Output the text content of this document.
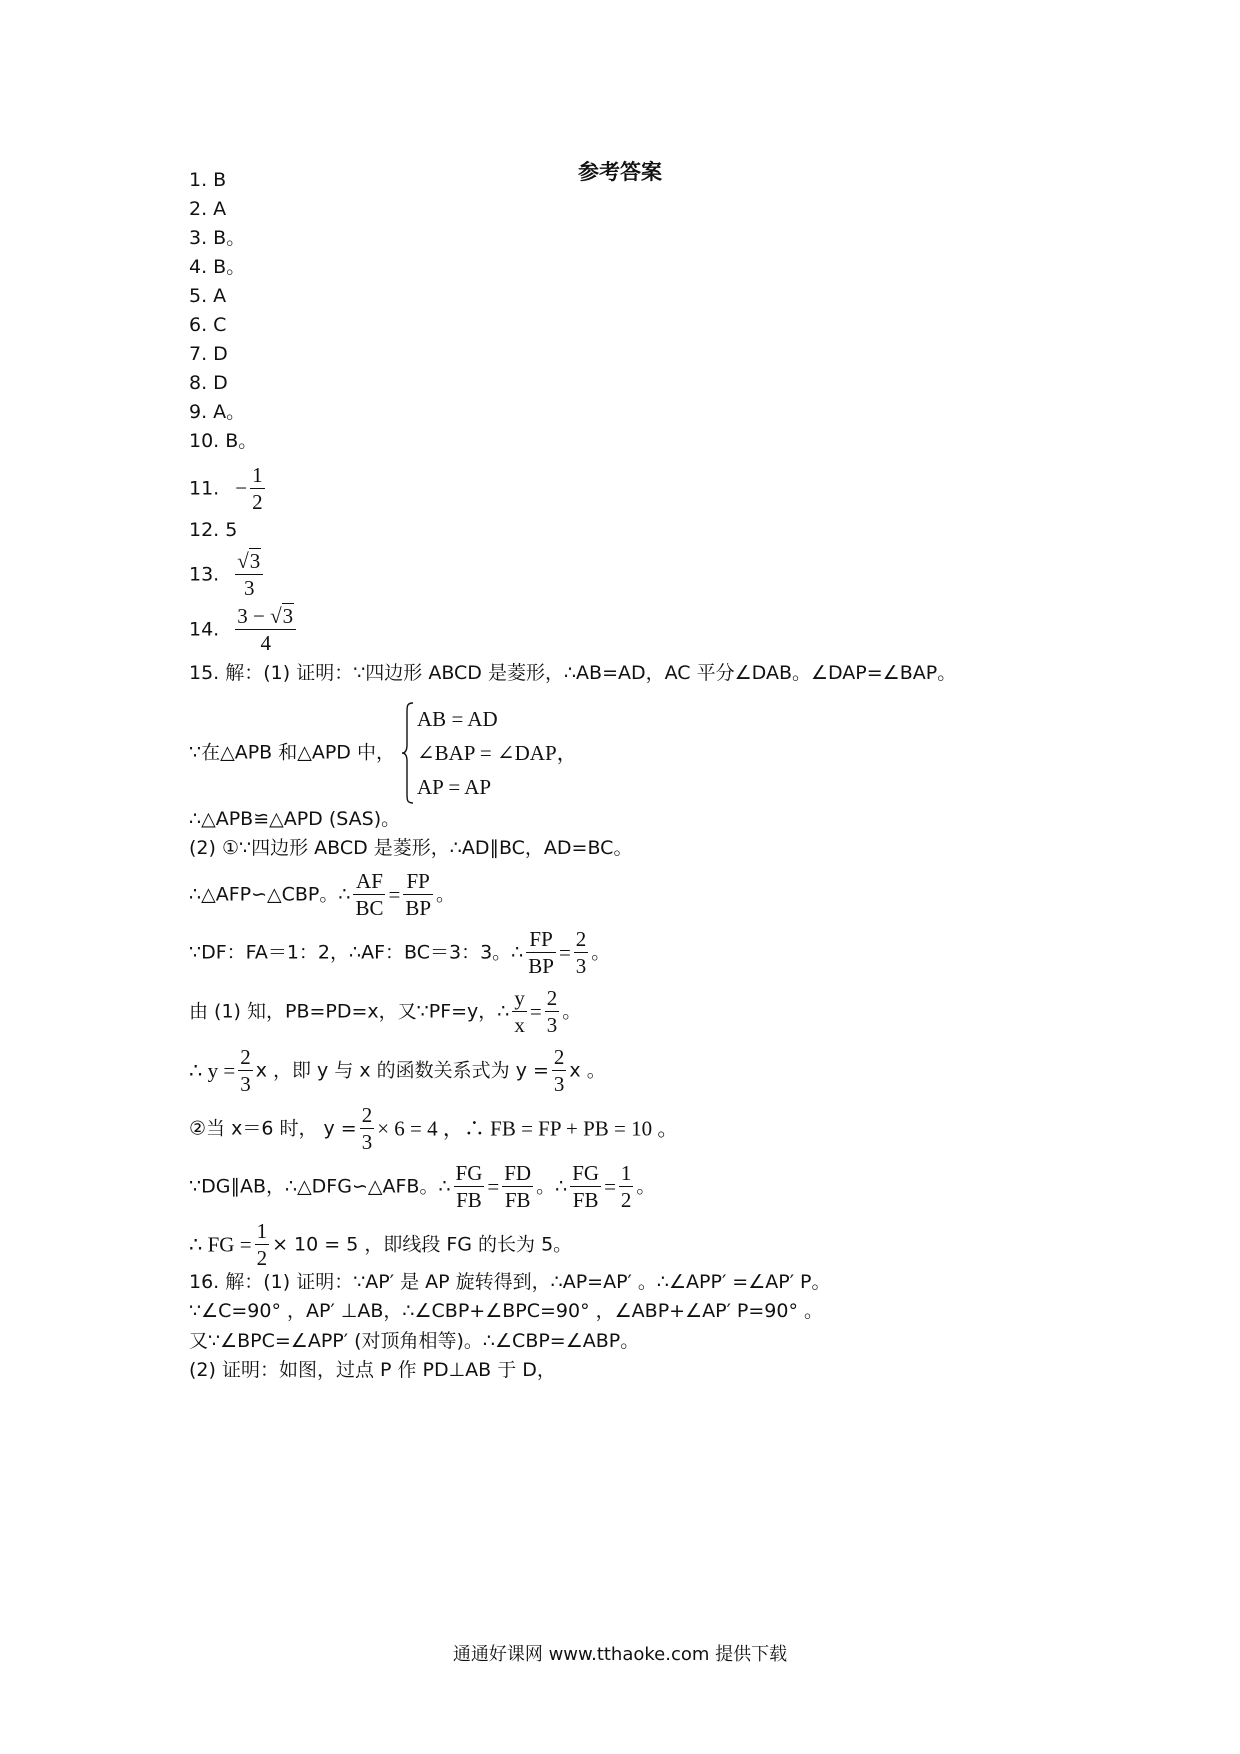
参考答案
1. B
2. A
3. B。
4. B。
5. A
6. C
7. D
8. D
9. A。
10. B。
11. − $\frac{1}{2}$
12. 5
13. $\frac{√3}{3}$
14. $\frac{3 - √3}{4}$
15. 解：(1) 证明：∵四边形 ABCD 是菱形，∴AB=AD，AC 平分∠DAB。∠DAP=∠BAP。
∵在△APB 和△APD 中，
AB = AD
∠BAP = ∠DAP，
AP = AP
∴△APB≌△APD (SAS)。
(2) ①∵四边形 ABCD 是菱形，∴AD∥BC，AD=BC。
∴△AFP∽△CBP。∴ $\frac{AF}{BC} = \frac{FP}{BP}$ 。
∵DF：FA＝1：2，∴AF：BC＝3：3。∴ $\frac{FP}{BP} = \frac{2}{3}$ 。
由 (1) 知，PB=PD=x，又∵PF=y，∴ $\frac{y}{x} = \frac{2}{3}$ 。
∴ $y = \frac{2}{3}$ x ，即 y 与 x 的函数关系式为 $y = \frac{2}{3}$ x 。
②当 x＝6 时， $y = \frac{2}{3} \times 6 = 4$ ，∴ FB = FP + PB = 10 。
∵DG∥AB，∴△DFG∽△AFB。∴ $\frac{FG}{FB} = \frac{FD}{FB}$ 。∴ $\frac{FG}{FB} = \frac{1}{2}$ 。
∴ FG = $\frac{1}{2} \times 10 = 5$ ，即线段 FG 的长为 5。
16. 解：(1) 证明：∵AP′ 是 AP 旋转得到，∴AP=AP′ 。∴∠APP′ =∠AP′ P。
∵∠C=90° ，AP′ ⊥AB，∴∠CBP+∠BPC=90° ，∠ABP+∠AP′ P=90° 。
又∵∠BPC=∠APP′ (对顶角相等)。∴∠CBP=∠ABP。
(2) 证明：如图，过点 P 作 PD⊥AB 于 D，
通通好课网 www.tthaoke.com 提供下载
